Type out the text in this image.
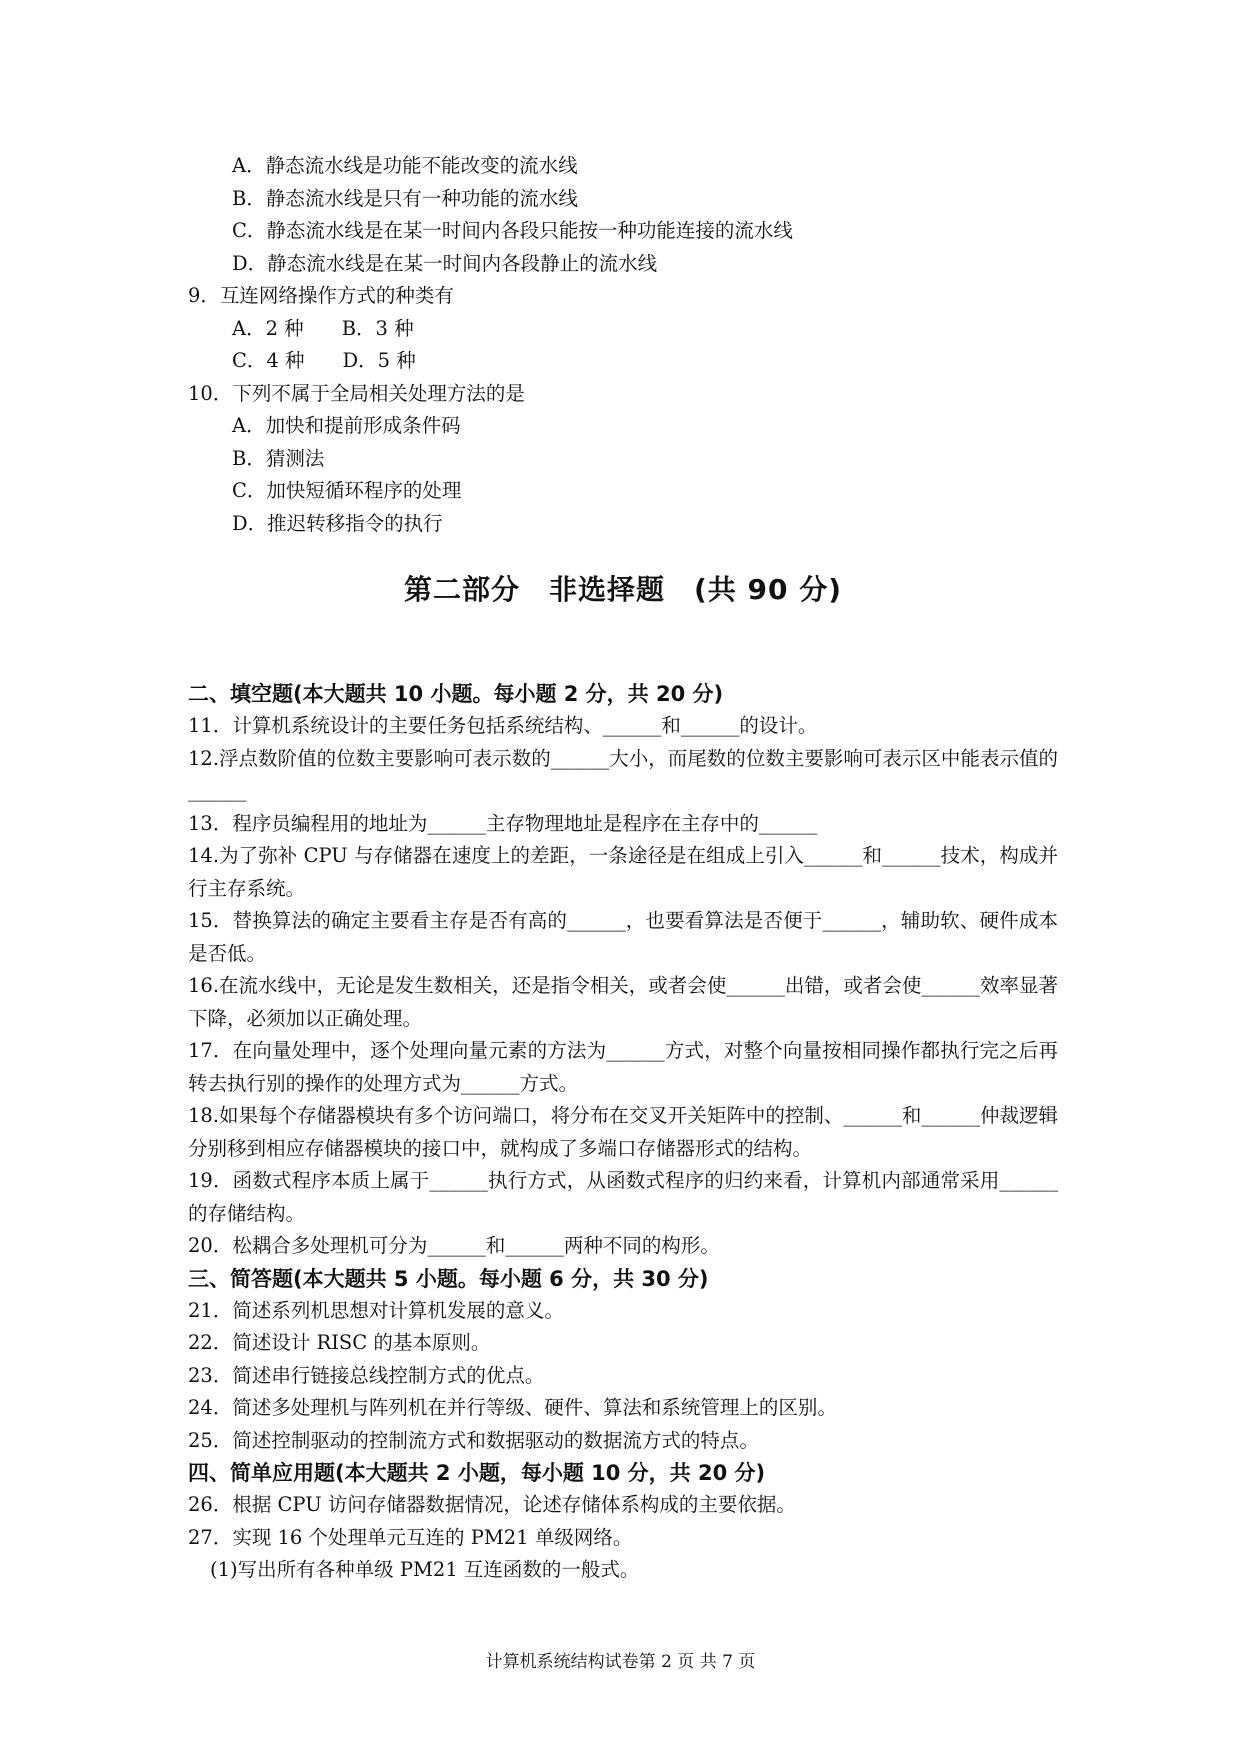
A．静态流水线是功能不能改变的流水线
B．静态流水线是只有一种功能的流水线
C．静态流水线是在某一时间内各段只能按一种功能连接的流水线
D．静态流水线是在某一时间内各段静止的流水线
9．互连网络操作方式的种类有
A．2 种 B．3 种
C．4 种 D．5 种
10．下列不属于全局相关处理方法的是
A．加快和提前形成条件码
B．猜测法
C．加快短循环程序的处理
D．推迟转移指令的执行
第二部分　非选择题　(共 90 分)
二、填空题(本大题共 10 小题。每小题 2 分，共 20 分)
11．计算机系统设计的主要任务包括系统结构、______和______的设计。
12.浮点数阶值的位数主要影响可表示数的______大小，而尾数的位数主要影响可表示区中能表示值的______
13．程序员编程用的地址为______主存物理地址是程序在主存中的______
14.为了弥补 CPU 与存储器在速度上的差距，一条途径是在组成上引入______和______技术，构成并行主存系统。
15．替换算法的确定主要看主存是否有高的______，也要看算法是否便于______，辅助软、硬件成本是否低。
16.在流水线中，无论是发生数相关，还是指令相关，或者会使______出错，或者会使______效率显著下降，必须加以正确处理。
17．在向量处理中，逐个处理向量元素的方法为______方式，对整个向量按相同操作都执行完之后再转去执行别的操作的处理方式为______方式。
18.如果每个存储器模块有多个访问端口，将分布在交叉开关矩阵中的控制、______和______仲裁逻辑分别移到相应存储器模块的接口中，就构成了多端口存储器形式的结构。
19．函数式程序本质上属于______执行方式，从函数式程序的归约来看，计算机内部通常采用______的存储结构。
20．松耦合多处理机可分为______和______两种不同的构形。
三、简答题(本大题共 5 小题。每小题 6 分，共 30 分)
21．简述系列机思想对计算机发展的意义。
22．简述设计 RISC 的基本原则。
23．简述串行链接总线控制方式的优点。
24．简述多处理机与阵列机在并行等级、硬件、算法和系统管理上的区别。
25．简述控制驱动的控制流方式和数据驱动的数据流方式的特点。
四、简单应用题(本大题共 2 小题，每小题 10 分，共 20 分)
26．根据 CPU 访问存储器数据情况，论述存储体系构成的主要依据。
27．实现 16 个处理单元互连的 PM21 单级网络。
(1)写出所有各种单级 PM21 互连函数的一般式。
计算机系统结构试卷第 2 页 共 7 页
